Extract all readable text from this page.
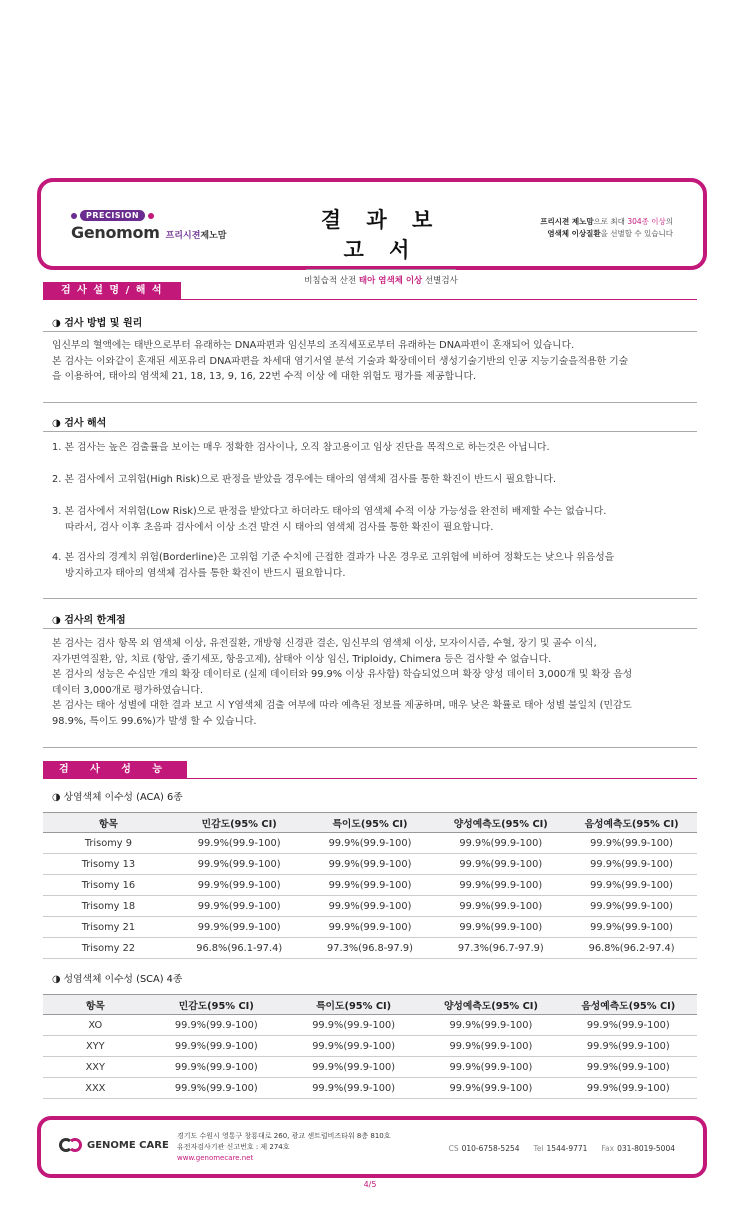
PRECISION
Genomom 프리시젼제노맘
결 과 보 고 서
비침습적 산전 태아 염색체 이상 선별검사
프리시젼 제노맘으로 최대 304종 이상의
염색체 이상질환을 선별할 수 있습니다
검 사 설 명 / 해 석
◑ 검사 방법 및 원리

임신부의 혈액에는 태반으로부터 유래하는 DNA파편과 임신부의 조직세포로부터 유래하는 DNA파편이 혼재되어 있습니다.

본 검사는 이와같이 혼재된 세포유리 DNA파편을 차세대 염기서열 분석 기술과 확장데이터 생성기술기반의 인공 지능기술을적용한 기술

을 이용하여, 태아의 염색체 21, 18, 13, 9, 16, 22번 수적 이상 에 대한 위험도 평가를 제공합니다.

◑ 검사 해석

1. 본 검사는 높은 검출률을 보이는 매우 정확한 검사이나, 오직 참고용이고 임상 진단을 목적으로 하는것은 아닙니다.

2. 본 검사에서 고위험(High Risk)으로 판정을 받았을 경우에는 태아의 염색체 검사를 통한 확진이 반드시 필요합니다.

3. 본 검사에서 저위험(Low Risk)으로 판정을 받았다고 하더라도 태아의 염색체 수적 이상 가능성을 완전히 배제할 수는 없습니다.

따라서, 검사 이후 초음파 검사에서 이상 소견 발견 시 태아의 염색체 검사를 통한 확진이 필요합니다.

4. 본 검사의 경계치 위험(Borderline)은 고위험 기준 수치에 근접한 결과가 나온 경우로 고위험에 비하여 정확도는 낮으나 위음성을

방지하고자 태아의 염색체 검사를 통한 확진이 반드시 필요합니다.

◑ 검사의 한계점

본 검사는 검사 항목 외 염색체 이상, 유전질환, 개방형 신경관 결손, 임신부의 염색체 이상, 모자이시즘, 수혈, 장기 및 골수 이식,

자가면역질환, 암, 치료 (항암, 줄기세포, 항응고제), 삼태아 이상 임신, Triploidy, Chimera 등은 검사할 수 없습니다.

본 검사의 성능은 수십만 개의 확장 데이터로 (실제 데이터와 99.9% 이상 유사함) 학습되었으며 확장 양성 데이터 3,000개 및 확장 음성

데이터 3,000개로 평가하였습니다.

본 검사는 태아 성별에 대한 결과 보고 시 Y염색체 검출 여부에 따라 예측된 정보를 제공하며, 매우 낮은 확률로 태아 성별 불일치 (민감도

98.9%, 특이도 99.6%)가 발생 할 수 있습니다.

검 사 성 능
◑ 상염색체 이수성 (ACA) 6종
항목	민감도(95% CI)	특이도(95% CI)	양성예측도(95% CI)	음성예측도(95% CI)
Trisomy 9	99.9%(99.9-100)	99.9%(99.9-100)	99.9%(99.9-100)	99.9%(99.9-100)
Trisomy 13	99.9%(99.9-100)	99.9%(99.9-100)	99.9%(99.9-100)	99.9%(99.9-100)
Trisomy 16	99.9%(99.9-100)	99.9%(99.9-100)	99.9%(99.9-100)	99.9%(99.9-100)
Trisomy 18	99.9%(99.9-100)	99.9%(99.9-100)	99.9%(99.9-100)	99.9%(99.9-100)
Trisomy 21	99.9%(99.9-100)	99.9%(99.9-100)	99.9%(99.9-100)	99.9%(99.9-100)
Trisomy 22	96.8%(96.1-97.4)	97.3%(96.8-97.9)	97.3%(96.7-97.9)	96.8%(96.2-97.4)
◑ 성염색체 이수성 (SCA) 4종
항목	민감도(95% CI)	특이도(95% CI)	양성예측도(95% CI)	음성예측도(95% CI)
XO	99.9%(99.9-100)	99.9%(99.9-100)	99.9%(99.9-100)	99.9%(99.9-100)
XYY	99.9%(99.9-100)	99.9%(99.9-100)	99.9%(99.9-100)	99.9%(99.9-100)
XXY	99.9%(99.9-100)	99.9%(99.9-100)	99.9%(99.9-100)	99.9%(99.9-100)
XXX	99.9%(99.9-100)	99.9%(99.9-100)	99.9%(99.9-100)	99.9%(99.9-100)
GENOME CARE
경기도 수원시 영통구 창룡대로 260, 광교 센트럴비즈타워 8층 810호
유전자검사기관 신고번호 : 제 274호
www.genomecare.net
CS 010-6758-5254 Tel 1544-9771 Fax 031-8019-5004
4/5
